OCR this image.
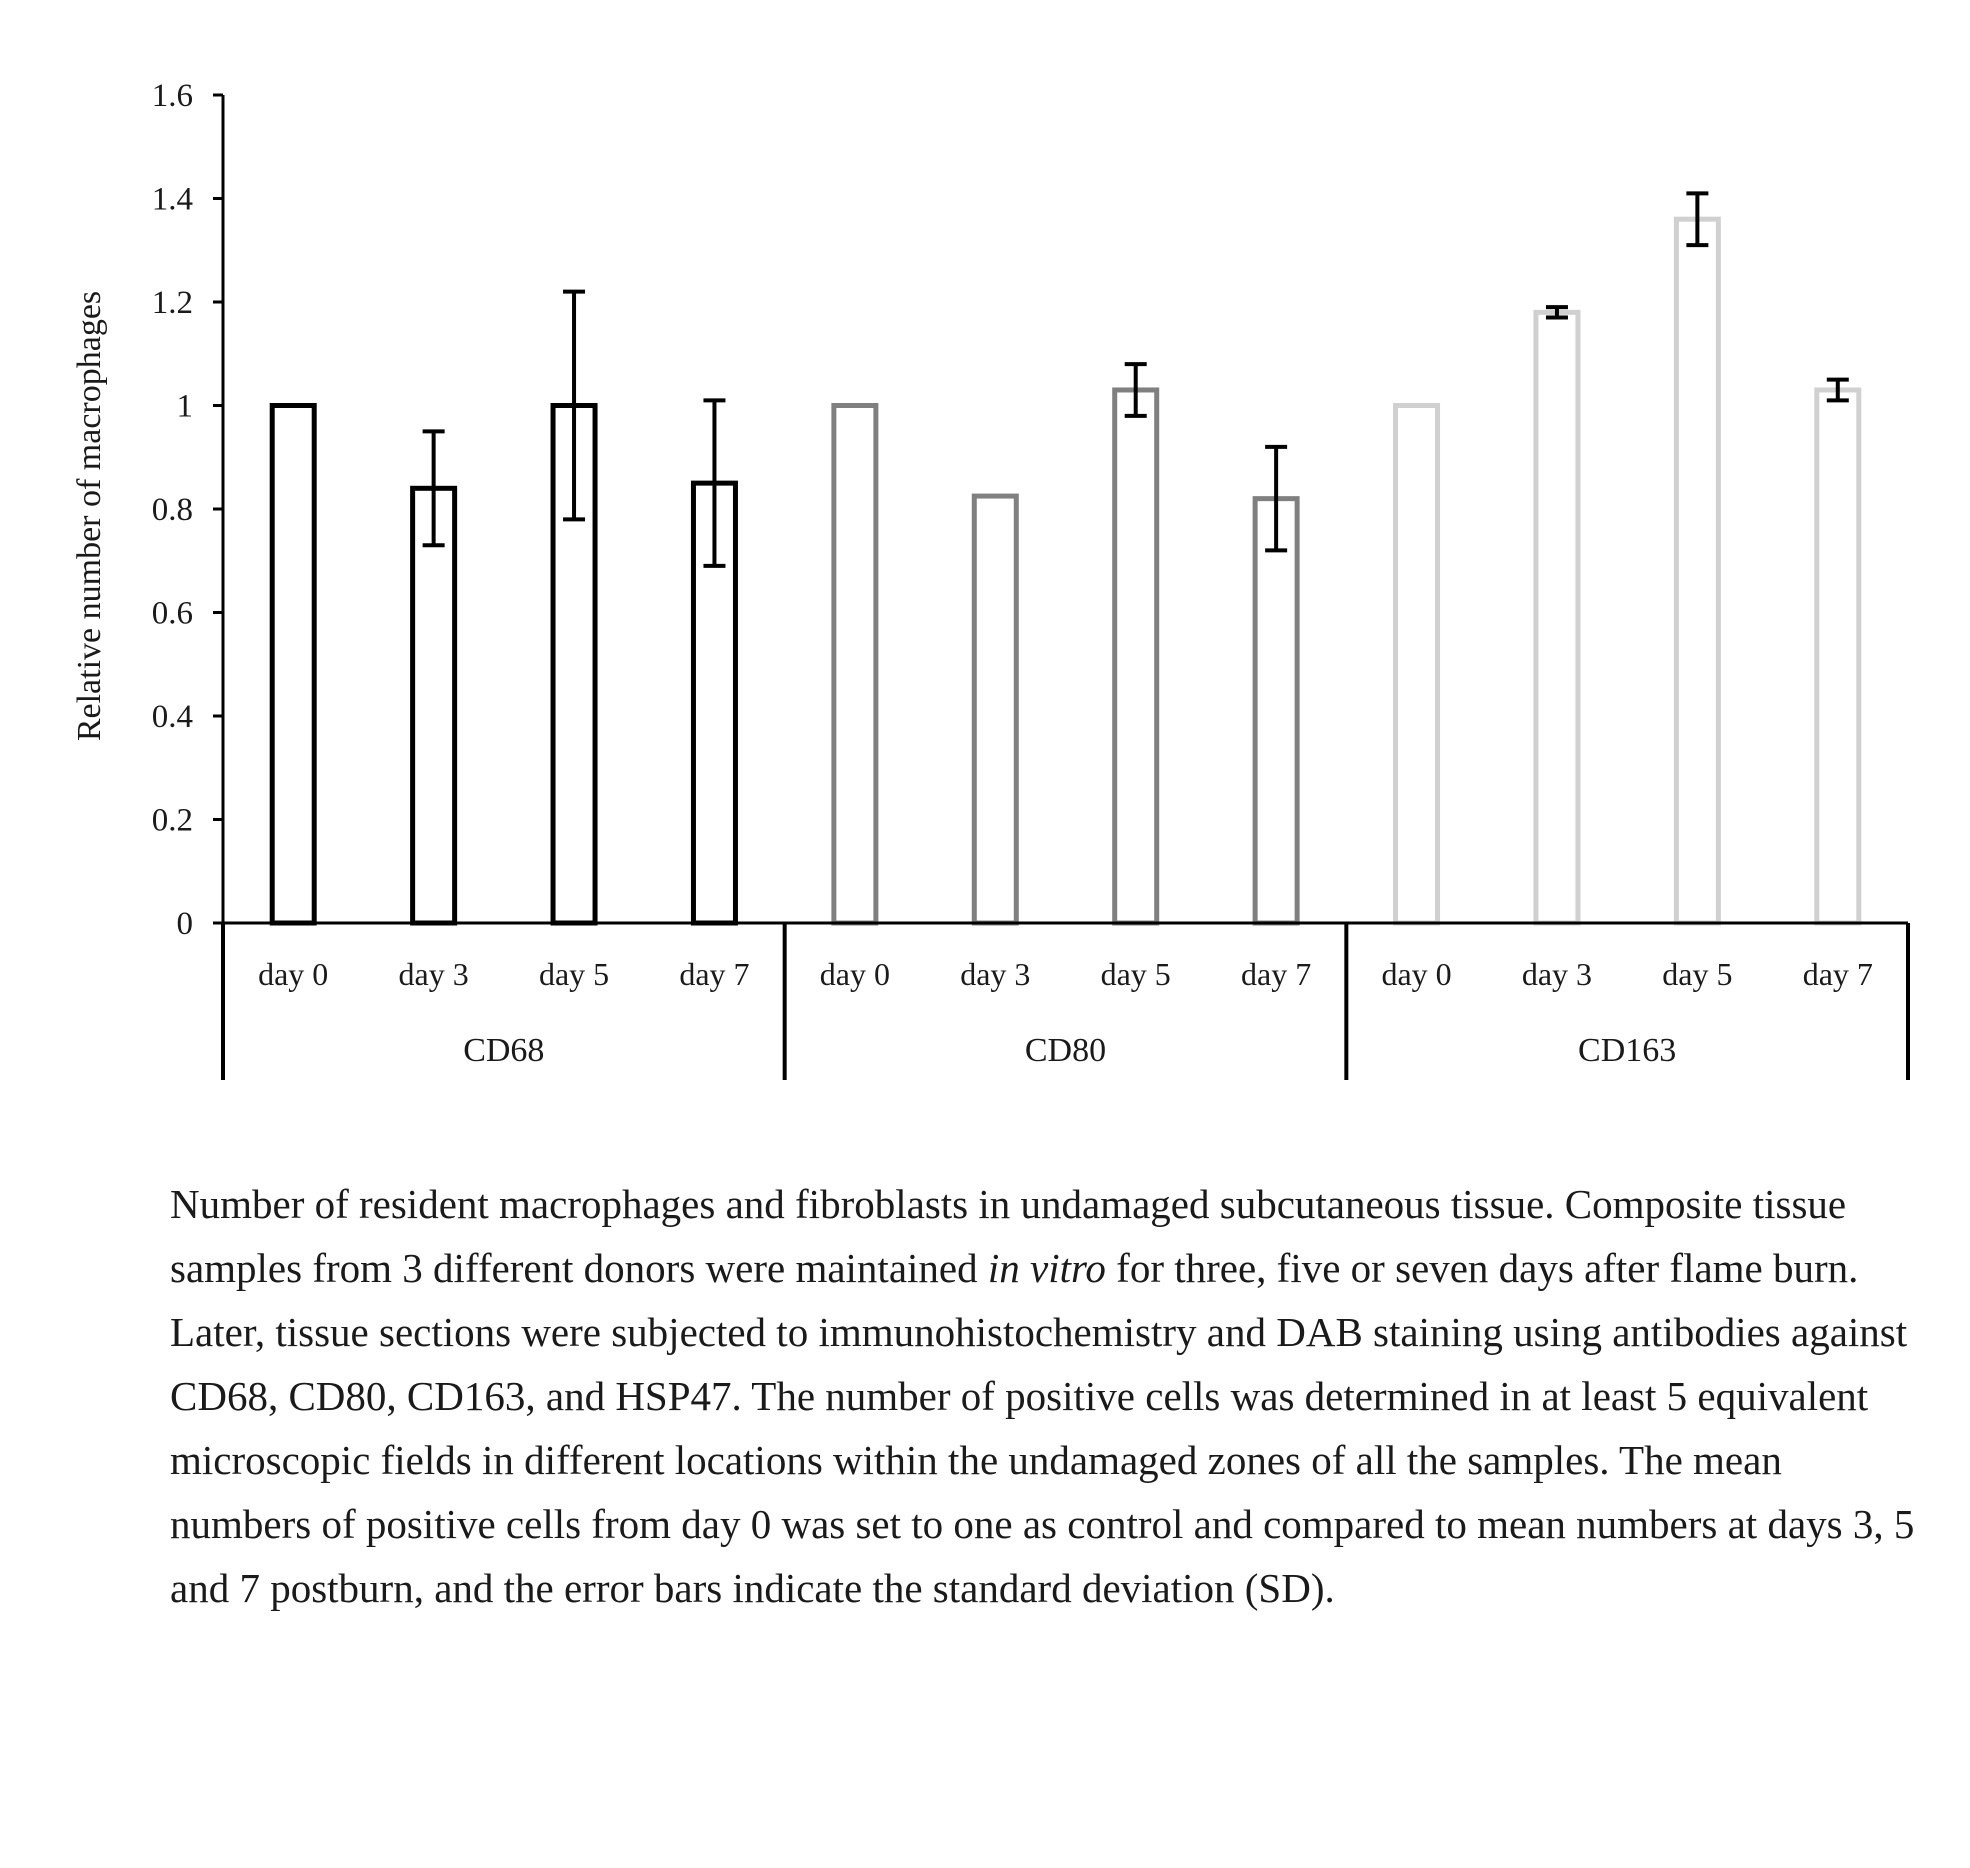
Relative number of macrophages
0
0.2
0.4
0.6
0.8
1
1.2
1.4
1.6
day 0 day 3 day 5 day 7
CD68
day 0 day 3 day 5 day 7
CD80
day 0 day 3 day 5 day 7
CD163

Number of resident macrophages and fibroblasts in undamaged subcutaneous tissue. Composite tissue samples from 3 different donors were maintained in vitro for three, five or seven days after flame burn. Later, tissue sections were subjected to immunohistochemistry and DAB staining using antibodies against CD68, CD80, CD163, and HSP47. The number of positive cells was determined in at least 5 equivalent microscopic fields in different locations within the undamaged zones of all the samples. The mean numbers of positive cells from day 0 was set to one as control and compared to mean numbers at days 3, 5 and 7 postburn, and the error bars indicate the standard deviation (SD).
